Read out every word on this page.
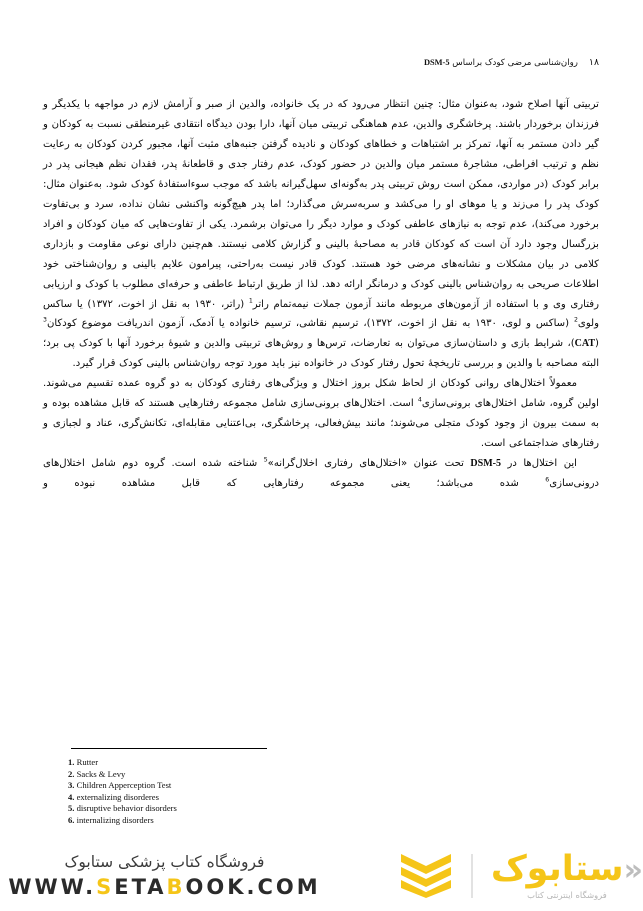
۱۸
روان‌شناسی مرضی کودک براساس DSM-5

تربیتی آنها اصلاح شود، به‌عنوان مثال: چنین انتظار می‌رود که در یک خانواده، والدین از صبر و آرامش لازم در مواجهه با یکدیگر و فرزندان برخوردار باشند. پرخاشگری والدین، عدم هماهنگی تربیتی میان آنها، دارا بودن دیدگاه انتقادی غیرمنطقی نسبت به کودکان و گیر دادن مستمر به آنها، تمرکز بر اشتباهات و خطاهای کودکان و نادیده گرفتن جنبه‌های مثبت آنها، مجبور کردن کودکان به رعایت نظم و ترتیب افراطی، مشاجرهٔ مستمر میان والدین در حضور کودک، عدم رفتار جدی و قاطعانهٔ پدر، فقدان نظم هیجانی پدر در برابر کودک (در مواردی، ممکن است روش تربیتی پدر به‌گونه‌ای سهل‌گیرانه باشد که موجب سوءاستفادهٔ کودک شود. به‌عنوان مثال: کودک پدر را می‌زند و یا موهای او را می‌کشد و سربه‌سرش می‌گذارد؛ اما پدر هیچ‌گونه واکنشی نشان نداده، سرد و بی‌تفاوت برخورد می‌کند)، عدم توجه به نیازهای عاطفی کودک و موارد دیگر را می‌توان برشمرد. یکی از تفاوت‌هایی که میان کودکان و افراد بزرگسال وجود دارد آن است که کودکان قادر به مصاحبهٔ بالینی و گزارش کلامی نیستند. هم‌چنین دارای نوعی مقاومت و بازداری کلامی در بیان مشکلات و نشانه‌های مرضی خود هستند. کودک قادر نیست به‌راحتی، پیرامون علایم بالینی و روان‌شناختی خود اطلاعات صریحی به روان‌شناس بالینی کودک و درمانگر ارائه دهد. لذا از طریق ارتباط عاطفی و حرفه‌ای مطلوب با کودک و ارزیابی رفتاری وی و با استفاده از آزمون‌های مربوطه مانند آزمون جملات نیمه‌تمام راتر$^1$ (راتر، ۱۹۳۰ به نقل از اخوت، ۱۳۷۲) یا ساکس ولوی$^2$ (ساکس و لوی، ۱۹۳۰ به نقل از اخوت، ۱۳۷۲)، ترسیم نقاشی، ترسیم خانواده یا آدمک، آزمون اندریافت موضوع کودکان$^3$ (CAT)، شرایط بازی و داستان‌سازی می‌توان به تعارضات، ترس‌ها و روش‌های تربیتی والدین و شیوهٔ برخورد آنها با کودک پی برد؛ البته مصاحبه با والدین و بررسی تاریخچهٔ تحول رفتار کودک در خانواده نیز باید مورد توجه روان‌شناس بالینی کودک قرار گیرد.

معمولاً اختلال‌های روانی کودکان از لحاظ شکل بروز اختلال و ویژگی‌های رفتاری کودکان به دو گروه عمده تقسیم می‌شوند. اولین گروه، شامل اختلال‌های برونی‌سازی$^4$ است. اختلال‌های برونی‌سازی شامل مجموعه رفتارهایی هستند که قابل مشاهده بوده و به سمت بیرون از وجود کودک متجلی می‌شوند؛ مانند بیش‌فعالی، پرخاشگری، بی‌اعتنایی مقابله‌ای، تکانش‌گری، عناد و لجبازی و رفتارهای ضداجتماعی است.

این اختلال‌ها در DSM-5 تحت عنوان «اختلال‌های رفتاری اخلال‌گرانه»$^5$ شناخته شده است. گروه دوم شامل اختلال‌های درونی‌سازی$^6$ شده می‌باشد؛ یعنی مجموعه رفتارهایی که قابل مشاهده نبوده و

1. Rutter
2. Sacks & Levy
3. Children Apperception Test
4. externalizing disorderes
5. disruptive behavior disorders
6. internalizing disorders
«ستابوک
فروشگاه اینترنتی کتاب
فروشگاه کتاب پزشکی ستابوک
WWW.SETABOOK.COM
